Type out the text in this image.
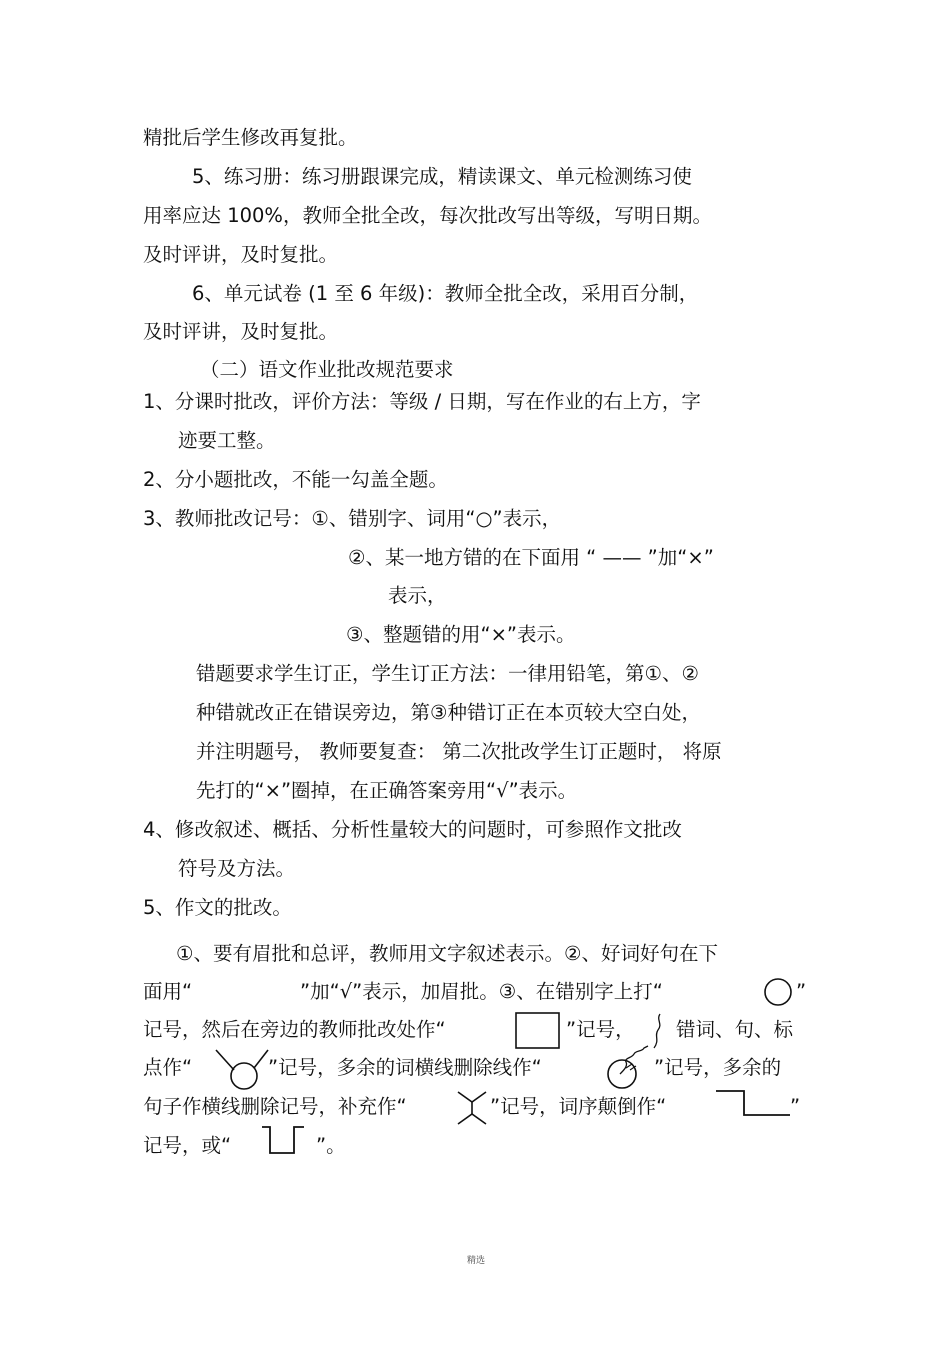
精批后学生修改再复批。
5、练习册：练习册跟课完成，精读课文、单元检测练习使
用率应达 100%，教师全批全改，每次批改写出等级，写明日期。
及时评讲，及时复批。
6、单元试卷 (1 至 6 年级)：教师全批全改，采用百分制，
及时评讲，及时复批。
（二）语文作业批改规范要求
1、分课时批改，评价方法：等级 / 日期，写在作业的右上方，字
迹要工整。
2、分小题批改，不能一勾盖全题。
3、教师批改记号：①、错别字、词用“○”表示，
②、某一地方错的在下面用 “ —— ”加“×”
表示，
③、整题错的用“×”表示。
错题要求学生订正，学生订正方法：一律用铅笔，第①、②
种错就改正在错误旁边，第③种错订正在本页较大空白处，
并注明题号， 教师要复查： 第二次批改学生订正题时， 将原
先打的“×”圈掉，在正确答案旁用“√”表示。
4、修改叙述、概括、分析性量较大的问题时，可参照作文批改
符号及方法。
5、作文的批改。
①、要有眉批和总评，教师用文字叙述表示。②、好词好句在下
面用“	”加“√”表示，加眉批。③、在错别字上打“	”
记号，然后在旁边的教师批改处作“	”记号， 错词、句、标
点作“	”记号，多余的词横线删除线作“	”记号，多余的
句子作横线删除记号，补充作“	”记号，词序颠倒作“	”
记号，或“	”。
精选
